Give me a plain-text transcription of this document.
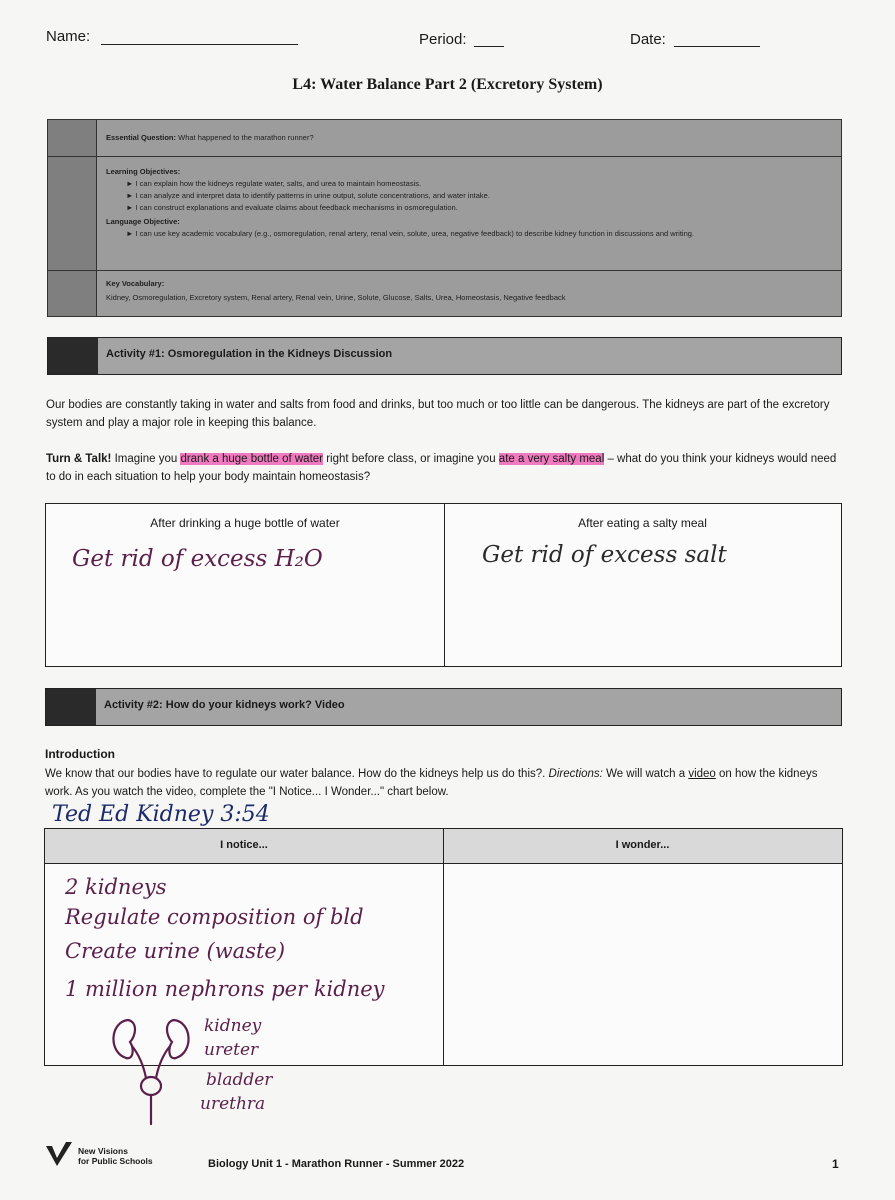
Name:	Period:	Date:
L4: Water Balance Part 2 (Excretory System)
Essential Question: What happened to the marathon runner?
Learning Objectives:
► I can explain how the kidneys regulate water, salts, and urea to maintain homeostasis.
► I can analyze and interpret data to identify patterns in urine output, solute concentrations, and water intake.
► I can construct explanations and evaluate claims about feedback mechanisms in osmoregulation.
Language Objective:
► I can use key academic vocabulary (e.g., osmoregulation, renal artery, renal vein, solute, urea, negative feedback) to describe kidney function in discussions and writing.
Key Vocabulary:
Kidney, Osmoregulation, Excretory system, Renal artery, Renal vein, Urine, Solute, Glucose, Salts, Urea, Homeostasis, Negative feedback
Activity #1: Osmoregulation in the Kidneys Discussion
Our bodies are constantly taking in water and salts from food and drinks, but too much or too little can be dangerous. The kidneys are part of the excretory system and play a major role in keeping this balance.
Turn & Talk! Imagine you drank a huge bottle of water right before class, or imagine you ate a very salty meal – what do you think your kidneys would need to do in each situation to help your body maintain homeostasis?
After drinking a huge bottle of water	After eating a salty meal
Get rid of excess H₂O	Get rid of excess salt
Activity #2: How do your kidneys work? Video
Introduction
We know that our bodies have to regulate our water balance. How do the kidneys help us do this?. Directions: We will watch a video on how the kidneys work. As you watch the video, complete the "I Notice... I Wonder..." chart below.
Ted Ed Kidney 3:54
I notice...	I wonder...
2 kidneys
Regulate composition of bld
Create urine (waste)
1 million nephrons per kidney
kidney
ureter
bladder
urethra
New Visions
for Public Schools	Biology Unit 1 - Marathon Runner - Summer 2022	1
